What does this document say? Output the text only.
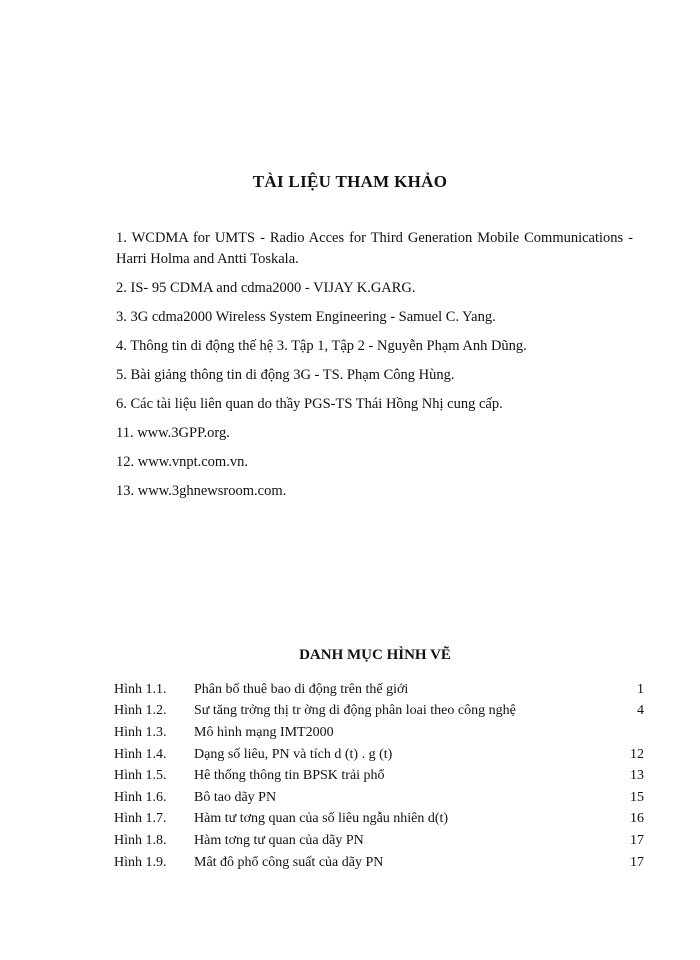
TÀI LIỆU THAM KHẢO
1. WCDMA for UMTS - Radio Acces for Third Generation Mobile Communications - Harri Holma and Antti Toskala.
2. IS- 95 CDMA and cdma2000 - VIJAY K.GARG.
3. 3G cdma2000 Wireless System Engineering - Samuel C. Yang.
4. Thông tin di động thế hệ 3. Tập 1, Tập 2 - Nguyễn Phạm Anh Dũng.
5. Bài giảng thông tin di động 3G - TS. Phạm Công Hùng.
6. Các tài liệu liên quan do thầy PGS-TS Thái Hồng Nhị cung cấp.
11. www.3GPP.org.
12. www.vnpt.com.vn.
13. www.3ghnewsroom.com.
DANH MỤC HÌNH VẼ
Hình 1.1.	Phân bố thuê bao di động trên thế giới	1
Hình 1.2.	Sư tăng trởng thị tr ờng di động phân loai theo công nghệ	4
Hình 1.3.	Mô hình mạng IMT2000	
Hình 1.4.	Dạng số liêu, PN và tích d (t) . g (t)	12
Hình 1.5.	Hê thống thông tin BPSK trải phổ	13
Hình 1.6.	Bô tao dãy PN	15
Hình 1.7.	Hàm tư tơng quan của số liêu ngẫu nhiên d(t)	16
Hình 1.8.	Hàm tơng tư quan của dãy PN	17
Hình 1.9.	Mât đô phổ công suất của dãy PN	17
